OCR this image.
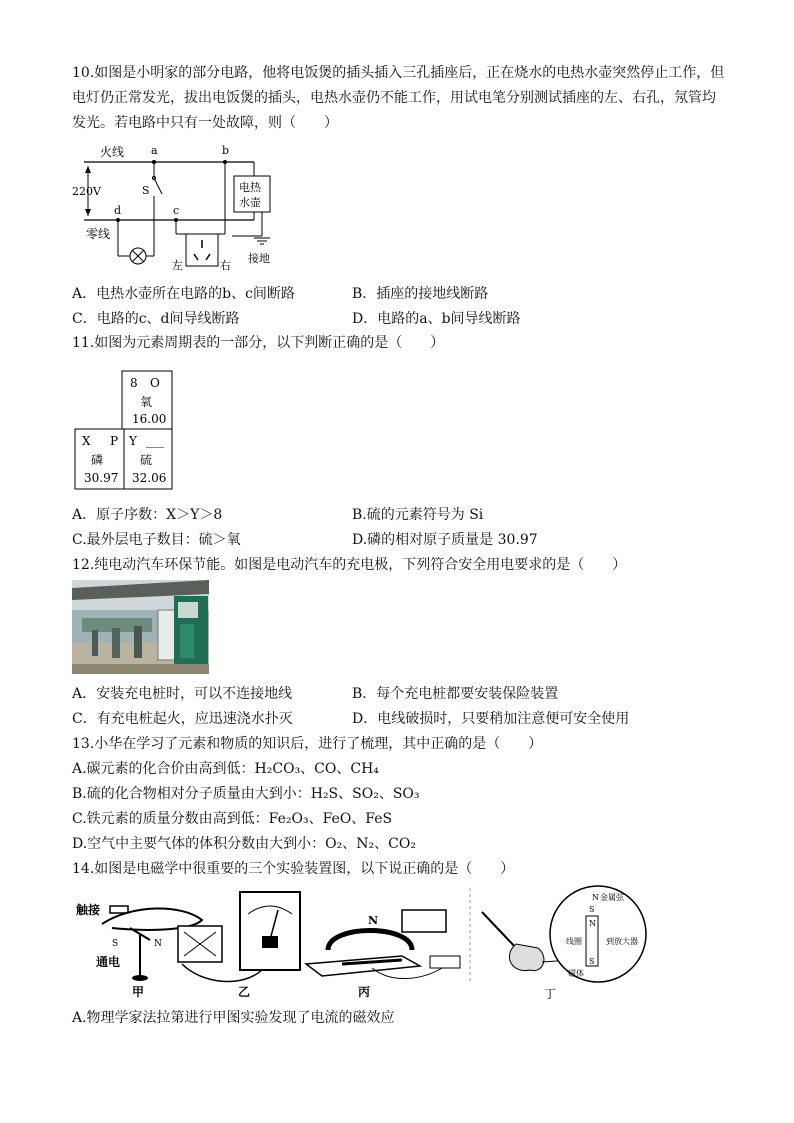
10.如图是小明家的部分电路，他将电饭煲的插头插入三孔插座后，正在烧水的电热水壶突然停止工作，但
电灯仍正常发光，拔出电饭煲的插头，电热水壶仍不能工作，用试电笔分别测试插座的左、右孔，氖管均
发光。若电路中只有一处故障，则（　　）
火线
零线
220V
a
S
b
电热
水壶
接地
d	c
左	右
A．电热水壶所在电路的b、c间断路	B．插座的接地线断路
C．电路的c、d间导线断路	D．电路的a、b间导线断路
11.如图为元素周期表的一部分，以下判断正确的是（　　）
8 O
氧
16.00
X P
磷
30.97
Y ___
硫
32.06
A．原子序数：X＞Y＞8	B.硫的元素符号为 Si
C.最外层电子数目：硫＞氧	D.磷的相对原子质量是 30.97
12.纯电动汽车环保节能。如图是电动汽车的充电极，下列符合安全用电要求的是（　　）
A．安装充电桩时，可以不连接地线	B．每个充电桩都要安装保险装置
C．有充电桩起火，应迅速浇水扑灭	D．电线破损时，只要稍加注意便可安全使用
13.小华在学习了元素和物质的知识后，进行了梳理，其中正确的是（　　）
A.碳元素的化合价由高到低：H₂CO₃、CO、CH₄
B.硫的化合物相对分子质量由大到小：H₂S、SO₂、SO₃
C.铁元素的质量分数由高到低：Fe₂O₃、FeO、FeS
D.空气中主要气体的体积分数由大到小：O₂、N₂、CO₂
14.如图是电磁学中很重要的三个实验装置图，以下说正确的是（　　）
触接
S	N
通电
甲	乙
N
丙
N 金属弦
S
N
S
线圈	到放大器
磁体
丁
A.物理学家法拉第进行甲图实验发现了电流的磁效应
